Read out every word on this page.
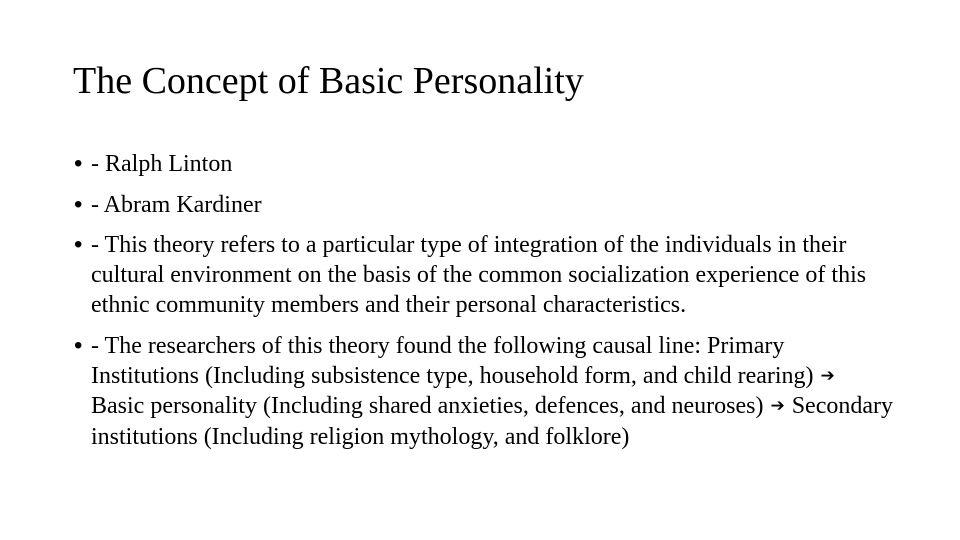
The Concept of Basic Personality
• - Ralph Linton
• - Abram Kardiner
• - This theory refers to a particular type of integration of the individuals in their cultural environment on the basis of the common socialization experience of this ethnic community members and their personal characteristics.
• - The researchers of this theory found the following causal line: Primary Institutions (Including subsistence type, household form, and child rearing) ➔ Basic personality (Including shared anxieties, defences, and neuroses) ➔ Secondary institutions (Including religion mythology, and folklore)
